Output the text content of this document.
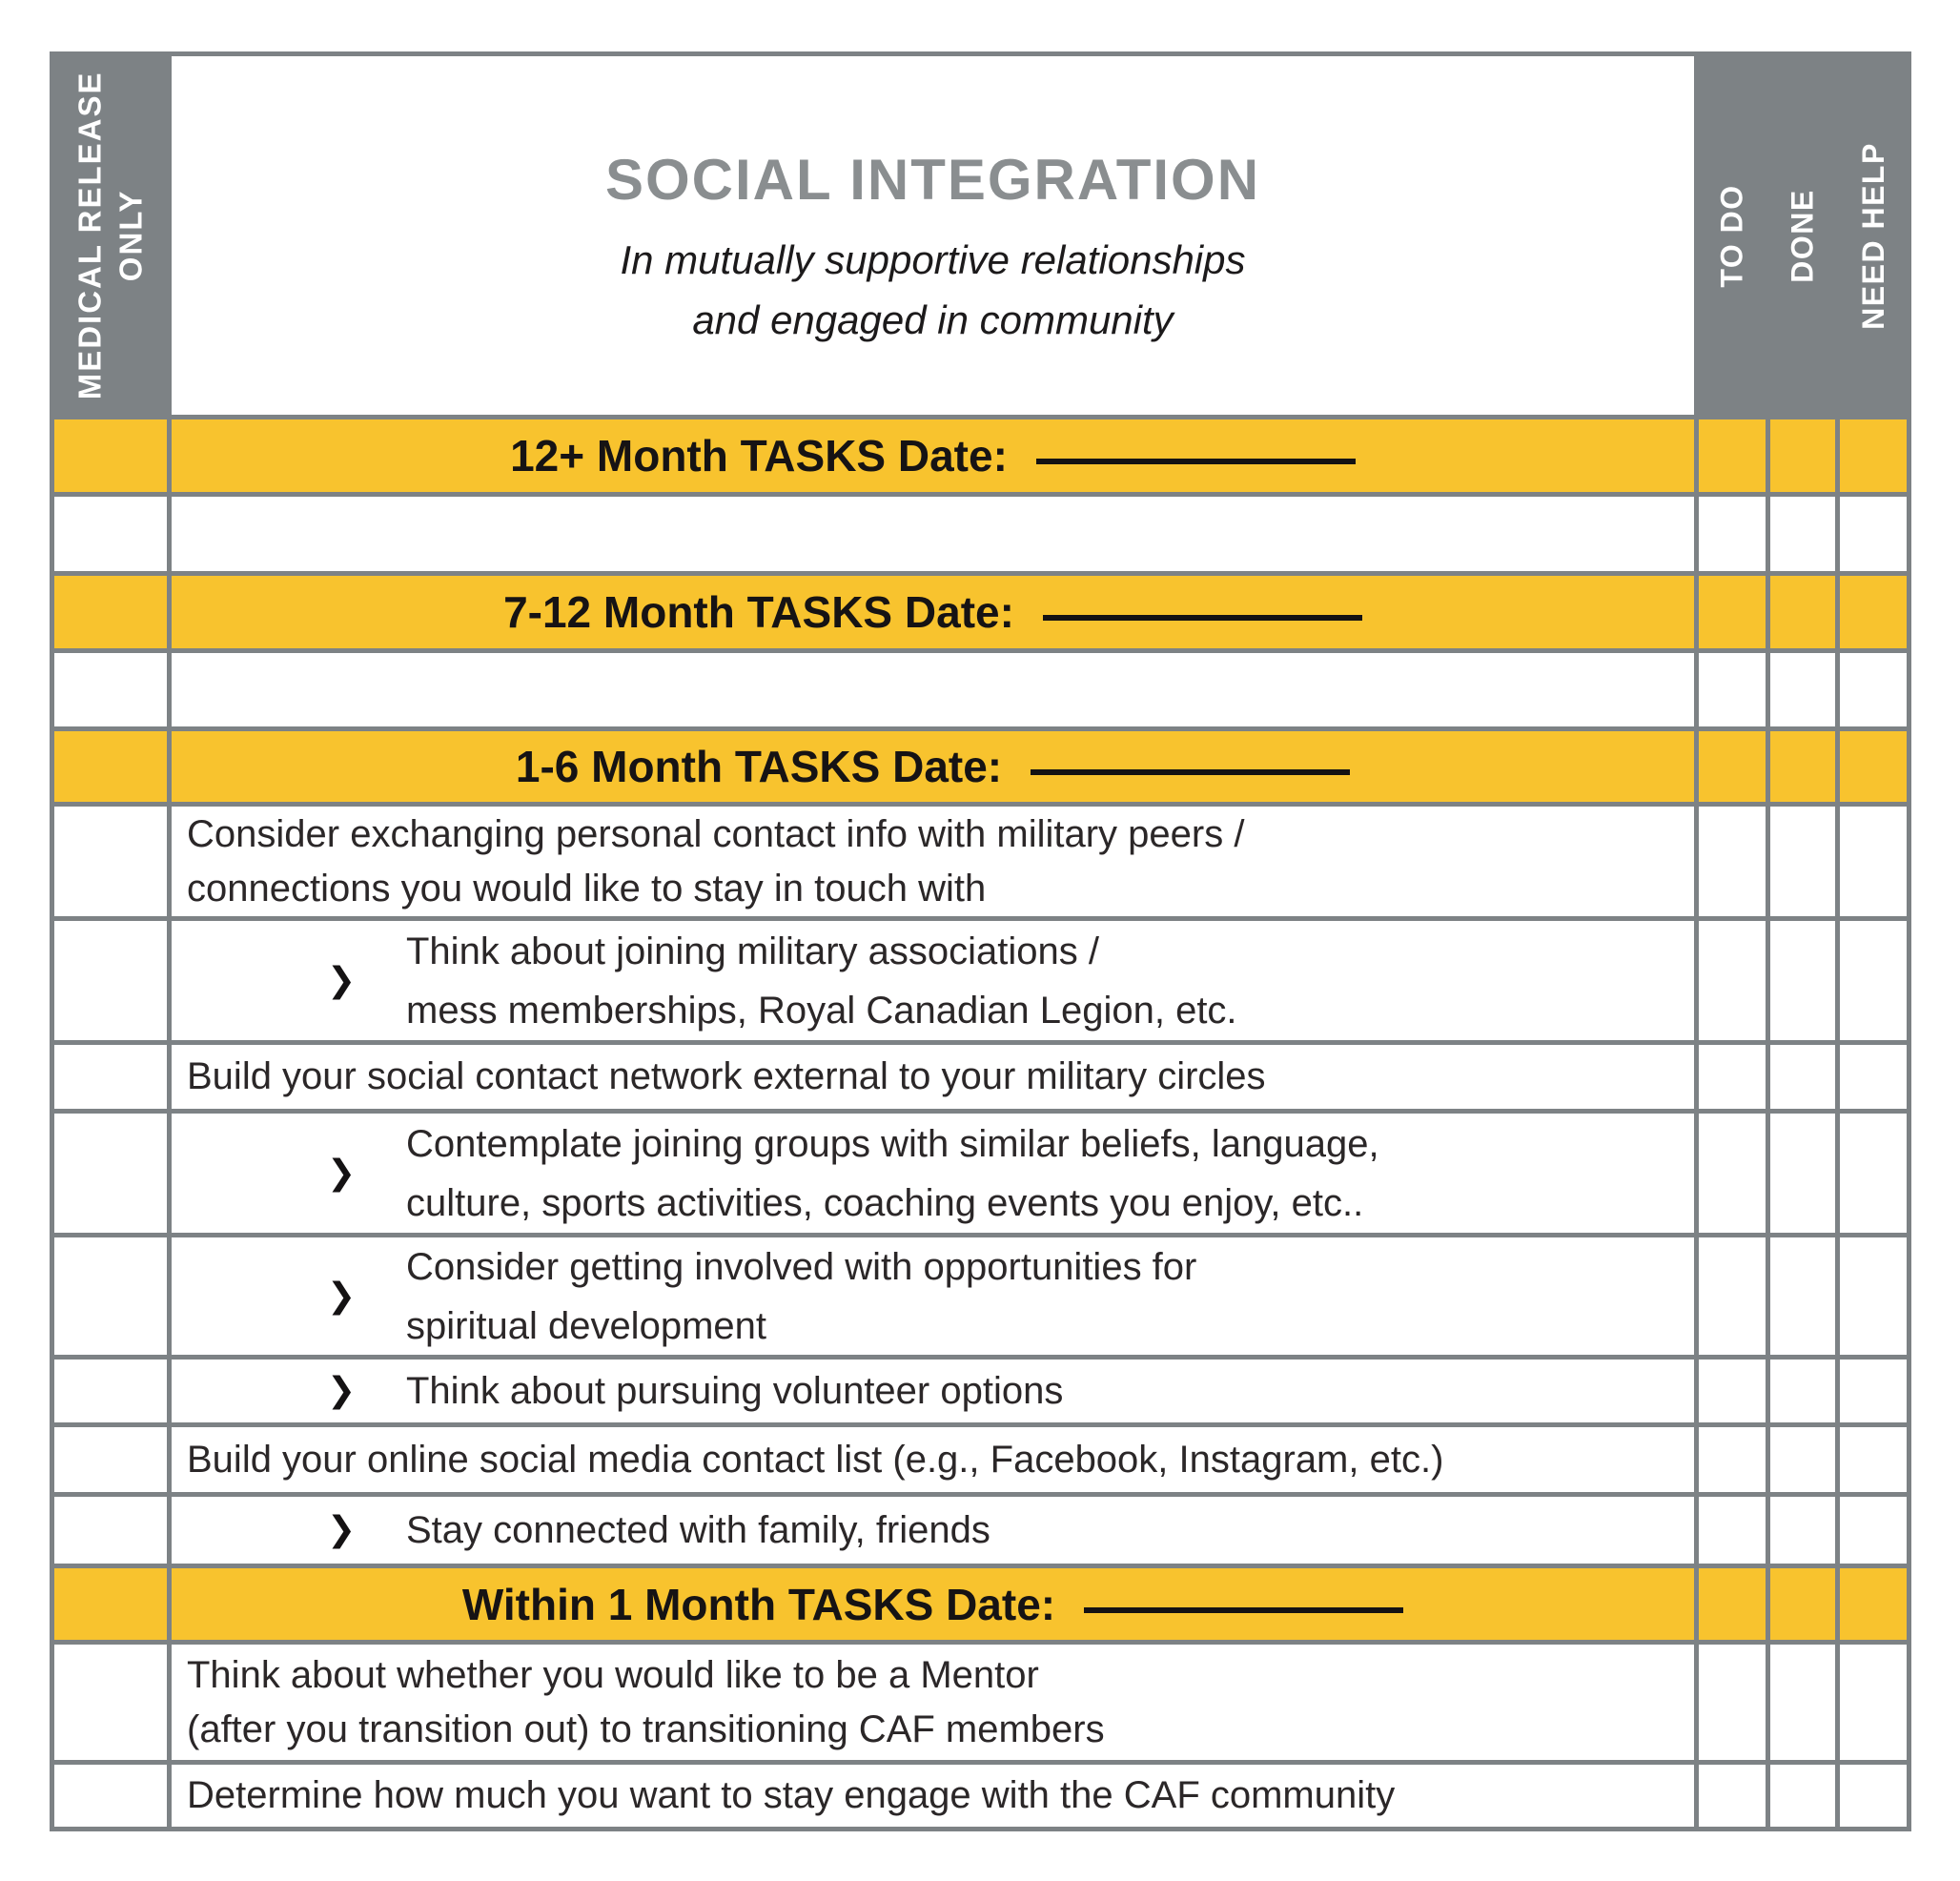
MEDICAL RELEASE ONLY
SOCIAL INTEGRATION
In mutually supportive relationships
and engaged in community
TO DO DONE NEED HELP
12+ Month TASKS Date:
7-12 Month TASKS Date:
1-6 Month TASKS Date:
Consider exchanging personal contact info with military peers /
connections you would like to stay in touch with
❯
Think about joining military associations /
mess memberships, Royal Canadian Legion, etc.
Build your social contact network external to your military circles
❯
Contemplate joining groups with similar beliefs, language,
culture, sports activities, coaching events you enjoy, etc..
❯
Consider getting involved with opportunities for
spiritual development
❯	Think about pursuing volunteer options
Build your online social media contact list (e.g., Facebook, Instagram, etc.)
❯	Stay connected with family, friends
Within 1 Month TASKS Date:
Think about whether you would like to be a Mentor
(after you transition out) to transitioning CAF members
Determine how much you want to stay engage with the CAF community
